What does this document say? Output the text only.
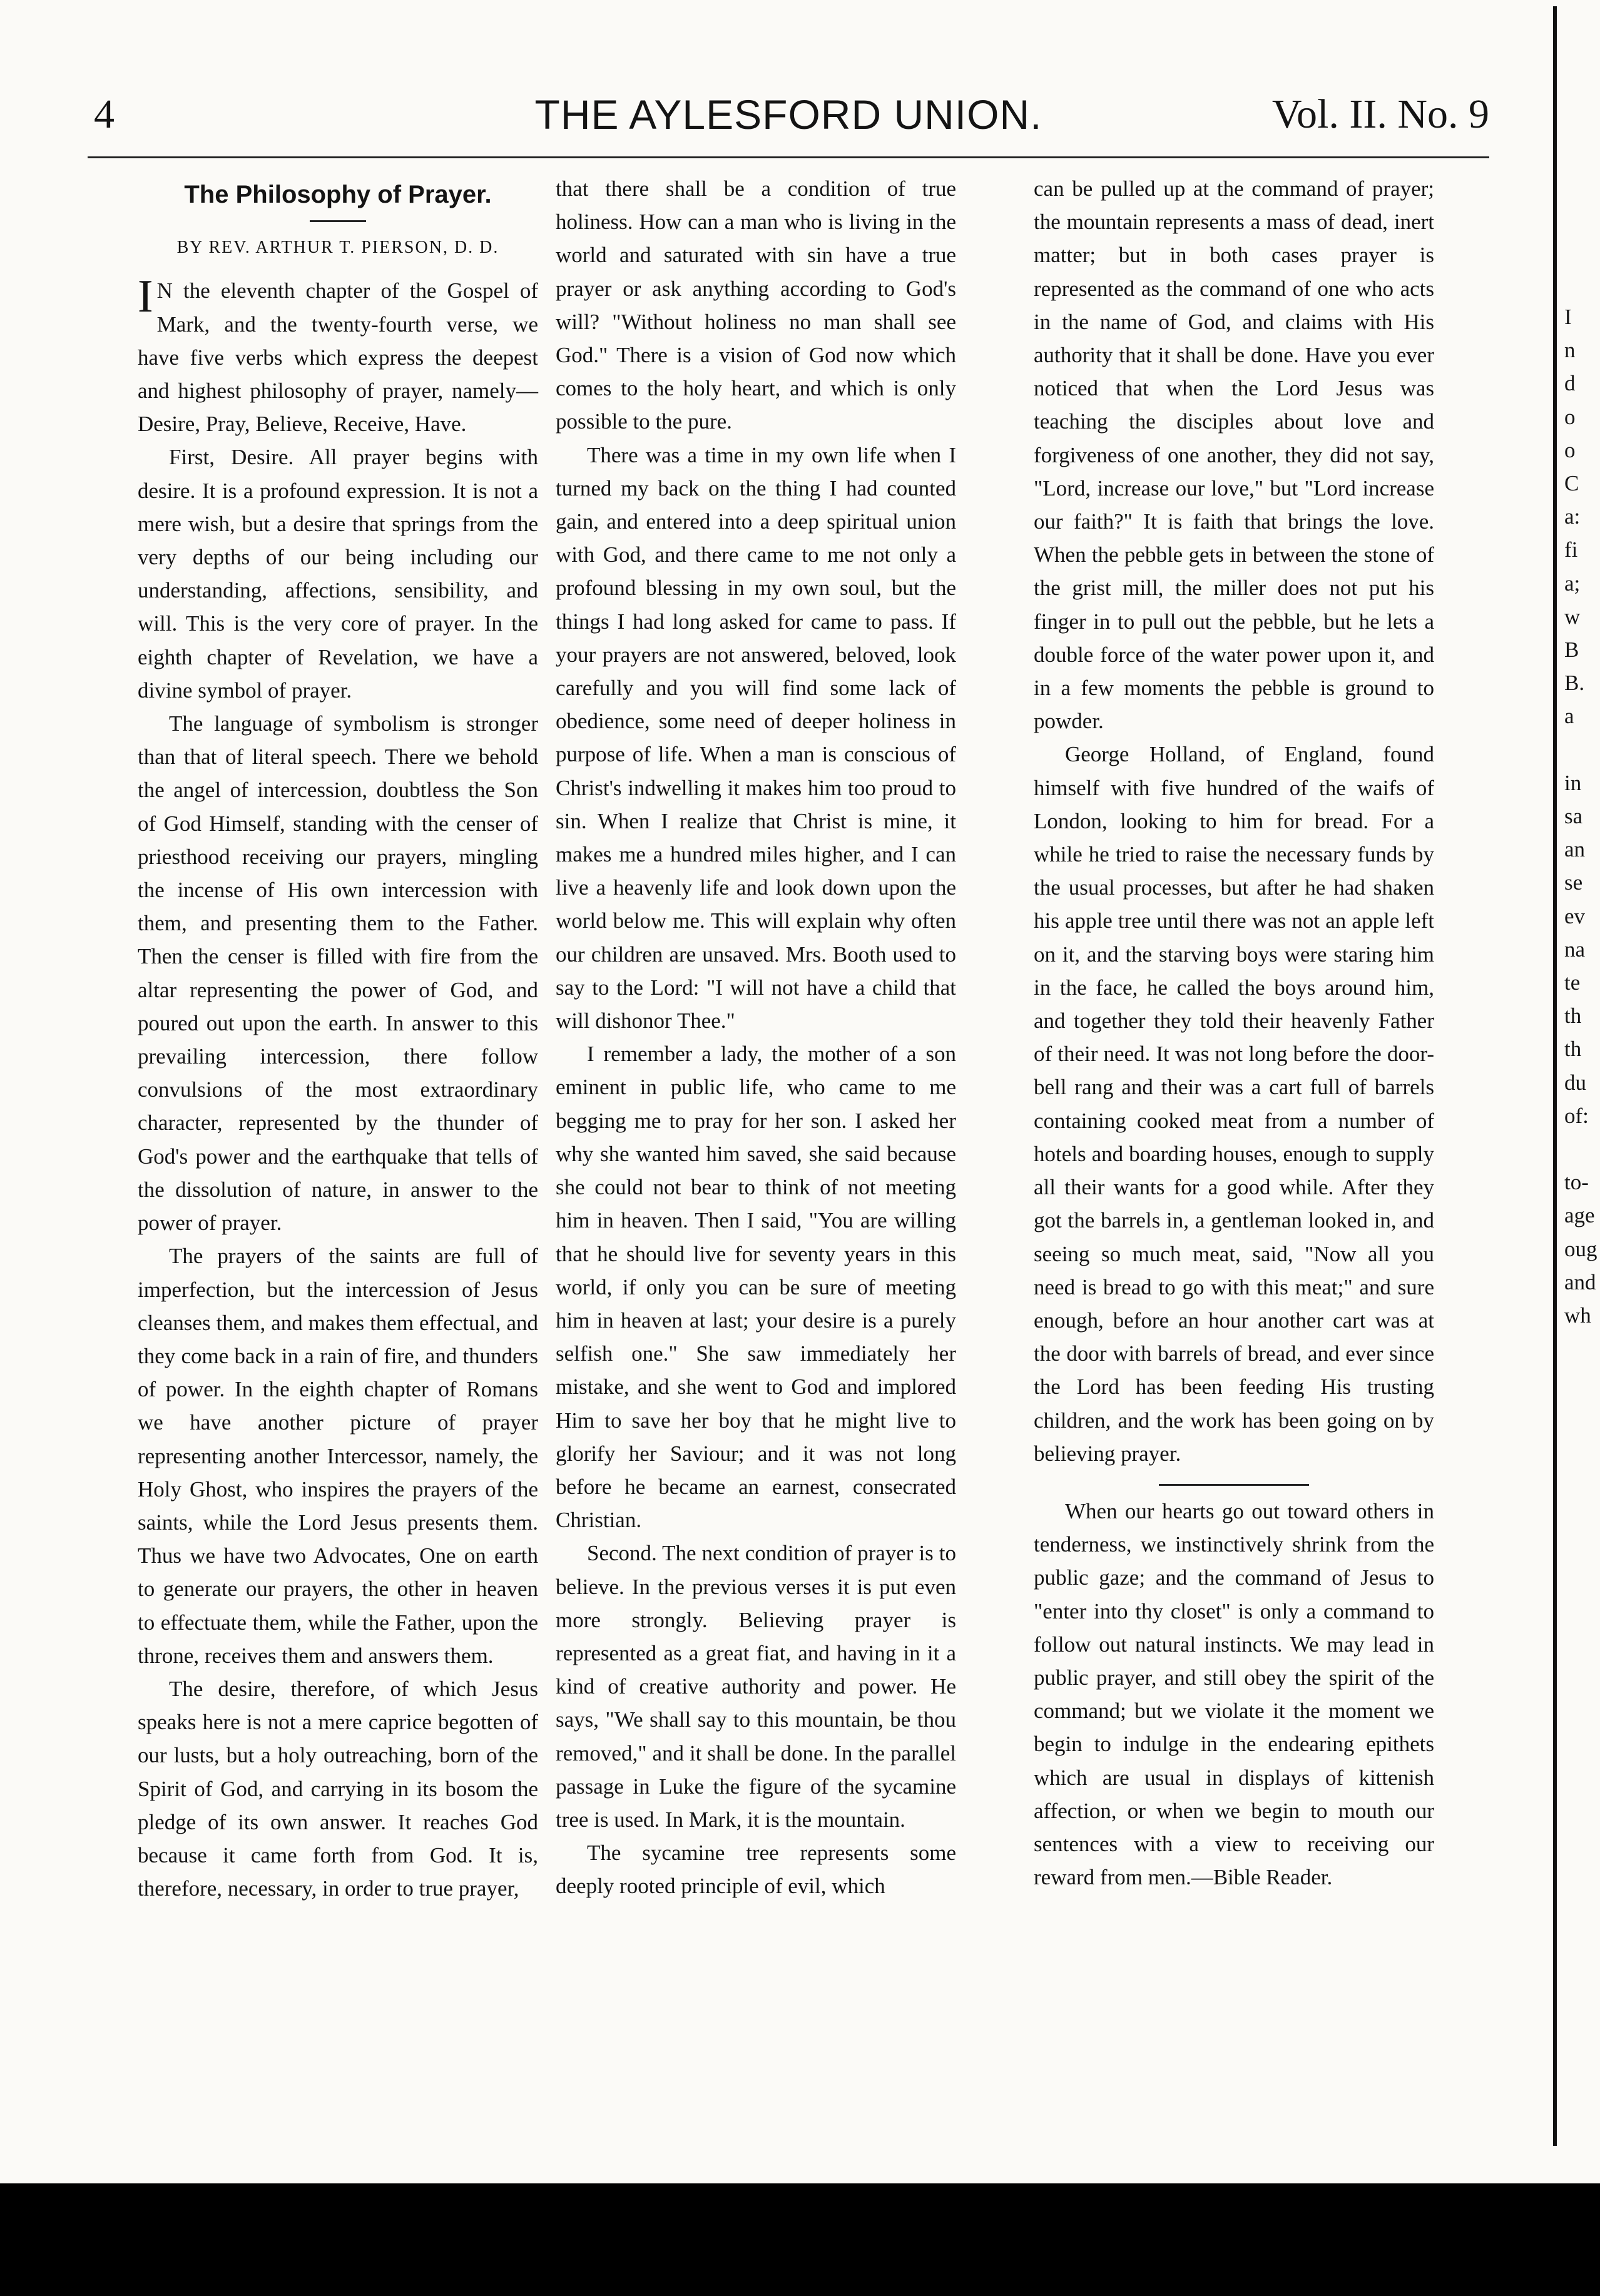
4	THE AYLESFORD UNION.	Vol. II. No. 9
The Philosophy of Prayer.
BY REV. ARTHUR T. PIERSON, D. D.

I N the eleventh chapter of the Gospel of Mark, and the twenty-fourth verse, we have five verbs which express the deepest and highest philosophy of prayer, namely—Desire, Pray, Believe, Receive, Have.

First, Desire. All prayer begins with desire. It is a profound expression. It is not a mere wish, but a desire that springs from the very depths of our being including our understanding, affections, sensibility, and will. This is the very core of prayer. In the eighth chapter of Revelation, we have a divine symbol of prayer.

The language of symbolism is stronger than that of literal speech. There we behold the angel of intercession, doubtless the Son of God Himself, standing with the censer of priesthood receiving our prayers, mingling the incense of His own intercession with them, and presenting them to the Father. Then the censer is filled with fire from the altar representing the power of God, and poured out upon the earth. In answer to this prevailing intercession, there follow convulsions of the most extraordinary character, represented by the thunder of God's power and the earthquake that tells of the dissolution of nature, in answer to the power of prayer.

The prayers of the saints are full of imperfection, but the intercession of Jesus cleanses them, and makes them effectual, and they come back in a rain of fire, and thunders of power. In the eighth chapter of Romans we have another picture of prayer representing another Intercessor, namely, the Holy Ghost, who inspires the prayers of the saints, while the Lord Jesus presents them. Thus we have two Advocates, One on earth to generate our prayers, the other in heaven to effectuate them, while the Father, upon the throne, receives them and answers them.

The desire, therefore, of which Jesus speaks here is not a mere caprice begotten of our lusts, but a holy outreaching, born of the Spirit of God, and carrying in its bosom the pledge of its own answer. It reaches God because it came forth from God. It is, therefore, necessary, in order to true prayer,

that there shall be a condition of true holiness. How can a man who is living in the world and saturated with sin have a true prayer or ask anything according to God's will? "Without holiness no man shall see God." There is a vision of God now which comes to the holy heart, and which is only possible to the pure.

There was a time in my own life when I turned my back on the thing I had counted gain, and entered into a deep spiritual union with God, and there came to me not only a profound blessing in my own soul, but the things I had long asked for came to pass. If your prayers are not answered, beloved, look carefully and you will find some lack of obedience, some need of deeper holiness in purpose of life. When a man is conscious of Christ's indwelling it makes him too proud to sin. When I realize that Christ is mine, it makes me a hundred miles higher, and I can live a heavenly life and look down upon the world below me. This will explain why often our children are unsaved. Mrs. Booth used to say to the Lord: "I will not have a child that will dishonor Thee."

I remember a lady, the mother of a son eminent in public life, who came to me begging me to pray for her son. I asked her why she wanted him saved, she said because she could not bear to think of not meeting him in heaven. Then I said, "You are willing that he should live for seventy years in this world, if only you can be sure of meeting him in heaven at last; your desire is a purely selfish one." She saw immediately her mistake, and she went to God and implored Him to save her boy that he might live to glorify her Saviour; and it was not long before he became an earnest, consecrated Christian.

Second. The next condition of prayer is to believe. In the previous verses it is put even more strongly. Believing prayer is represented as a great fiat, and having in it a kind of creative authority and power. He says, "We shall say to this mountain, be thou removed," and it shall be done. In the parallel passage in Luke the figure of the sycamine tree is used. In Mark, it is the mountain.

The sycamine tree represents some deeply rooted principle of evil, which

can be pulled up at the command of prayer; the mountain represents a mass of dead, inert matter; but in both cases prayer is represented as the command of one who acts in the name of God, and claims with His authority that it shall be done. Have you ever noticed that when the Lord Jesus was teaching the disciples about love and forgiveness of one another, they did not say, "Lord, increase our love," but "Lord increase our faith?" It is faith that brings the love. When the pebble gets in between the stone of the grist mill, the miller does not put his finger in to pull out the pebble, but he lets a double force of the water power upon it, and in a few moments the pebble is ground to powder.

George Holland, of England, found himself with five hundred of the waifs of London, looking to him for bread. For a while he tried to raise the necessary funds by the usual processes, but after he had shaken his apple tree until there was not an apple left on it, and the starving boys were staring him in the face, he called the boys around him, and together they told their heavenly Father of their need. It was not long before the door-bell rang and their was a cart full of barrels containing cooked meat from a number of hotels and boarding houses, enough to supply all their wants for a good while. After they got the barrels in, a gentleman looked in, and seeing so much meat, said, "Now all you need is bread to go with this meat;" and sure enough, before an hour another cart was at the door with barrels of bread, and ever since the Lord has been feeding His trusting children, and the work has been going on by believing prayer.

When our hearts go out toward others in tenderness, we instinctively shrink from the public gaze; and the command of Jesus to "enter into thy closet" is only a command to follow out natural instincts. We may lead in public prayer, and still obey the spirit of the command; but we violate it the moment we begin to indulge in the endearing epithets which are usual in displays of kittenish affection, or when we begin to mouth our sentences with a view to receiving our reward from men.—Bible Reader.

I
n
d
o
o
C
a:
fi
a;
w
B
B.
a

in
sa
an
se
ev
na
te
th
th
du
of:

to-
age
oug
and
wh
